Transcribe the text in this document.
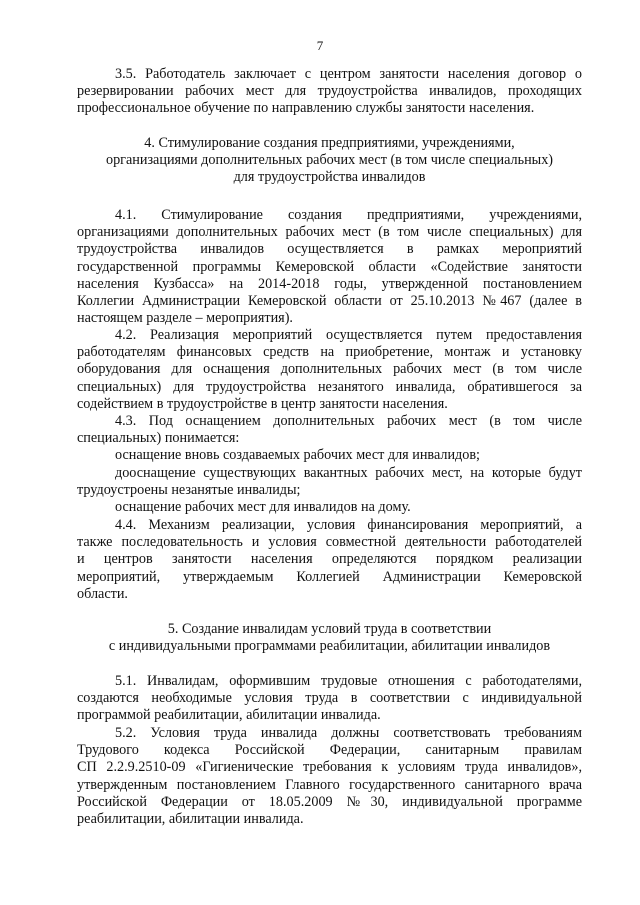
7
3.5. Работодатель заключает с центром занятости населения договор о
резервировании рабочих мест для трудоустройства инвалидов, проходящих
профессиональное обучение по направлению службы занятости населения.
4. Стимулирование создания предприятиями, учреждениями,
организациями дополнительных рабочих мест (в том числе специальных)
для трудоустройства инвалидов
4.1. Стимулирование создания предприятиями, учреждениями,
организациями дополнительных рабочих мест (в том числе специальных) для
трудоустройства инвалидов осуществляется в рамках мероприятий
государственной программы Кемеровской области «Содействие занятости
населения Кузбасса» на 2014-2018 годы, утвержденной постановлением
Коллегии Администрации Кемеровской области от 25.10.2013 №467 (далее в
настоящем разделе – мероприятия).
4.2. Реализация мероприятий осуществляется путем предоставления
работодателям финансовых средств на приобретение, монтаж и установку
оборудования для оснащения дополнительных рабочих мест (в том числе
специальных) для трудоустройства незанятого инвалида, обратившегося за
содействием в трудоустройстве в центр занятости населения.
4.3. Под оснащением дополнительных рабочих мест (в том числе
специальных) понимается:
оснащение вновь создаваемых рабочих мест для инвалидов;
дооснащение существующих вакантных рабочих мест, на которые будут
трудоустроены незанятые инвалиды;
оснащение рабочих мест для инвалидов на дому.
4.4. Механизм реализации, условия финансирования мероприятий, а
также последовательность и условия совместной деятельности работодателей
и центров занятости населения определяются порядком реализации
мероприятий, утверждаемым Коллегией Администрации Кемеровской
области.
5. Создание инвалидам условий труда в соответствии
с индивидуальными программами реабилитации, абилитации инвалидов
5.1. Инвалидам, оформившим трудовые отношения с работодателями,
создаются необходимые условия труда в соответствии с индивидуальной
программой реабилитации, абилитации инвалида.
5.2. Условия труда инвалида должны соответствовать требованиям
Трудового кодекса Российской Федерации, санитарным правилам
СП 2.2.9.2510-09 «Гигиенические требования к условиям труда инвалидов»,
утвержденным постановлением Главного государственного санитарного врача
Российской Федерации от 18.05.2009 №30, индивидуальной программе
реабилитации, абилитации инвалида.
